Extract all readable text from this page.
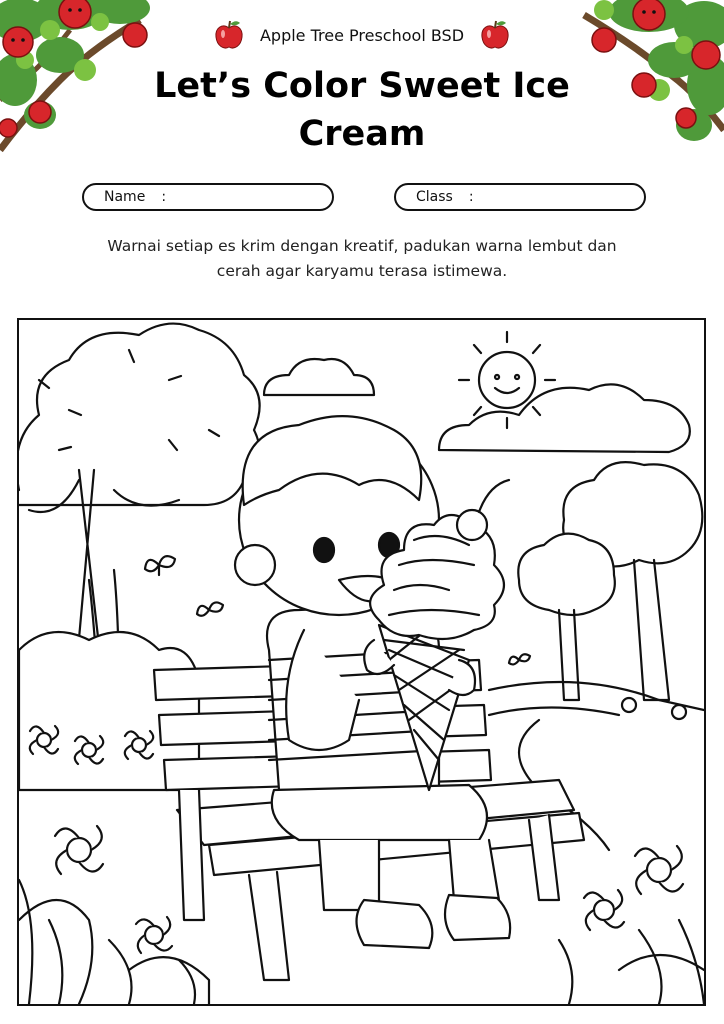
Apple Tree Preschool BSD
Let’s Color Sweet Ice
Cream
Name :	Class :
Warnai setiap es krim dengan kreatif, padukan warna lembut dan
cerah agar karyamu terasa istimewa.
